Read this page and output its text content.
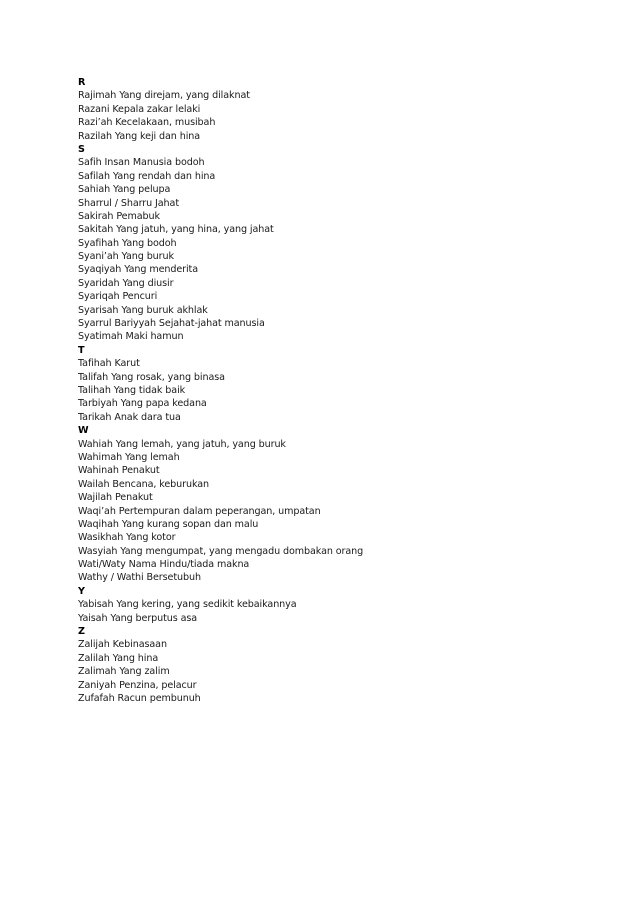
R
Rajimah Yang direjam, yang dilaknat
Razani Kepala zakar lelaki
Razi’ah Kecelakaan, musibah
Razilah Yang keji dan hina
S
Safih Insan Manusia bodoh
Safilah Yang rendah dan hina
Sahiah Yang pelupa
Sharrul / Sharru Jahat
Sakirah Pemabuk
Sakitah Yang jatuh, yang hina, yang jahat
Syafihah Yang bodoh
Syani’ah Yang buruk
Syaqiyah Yang menderita
Syaridah Yang diusir
Syariqah Pencuri
Syarisah Yang buruk akhlak
Syarrul Bariyyah Sejahat-jahat manusia
Syatimah Maki hamun
T
Tafihah Karut
Talifah Yang rosak, yang binasa
Talihah Yang tidak baik
Tarbiyah Yang papa kedana
Tarikah Anak dara tua
W
Wahiah Yang lemah, yang jatuh, yang buruk
Wahimah Yang lemah
Wahinah Penakut
Wailah Bencana, keburukan
Wajilah Penakut
Waqi’ah Pertempuran dalam peperangan, umpatan
Waqihah Yang kurang sopan dan malu
Wasikhah Yang kotor
Wasyiah Yang mengumpat, yang mengadu dombakan orang
Wati/Waty Nama Hindu/tiada makna
Wathy / Wathi Bersetubuh
Y
Yabisah Yang kering, yang sedikit kebaikannya
Yaisah Yang berputus asa
Z
Zalijah Kebinasaan
Zalilah Yang hina
Zalimah Yang zalim
Zaniyah Penzina, pelacur
Zufafah Racun pembunuh
